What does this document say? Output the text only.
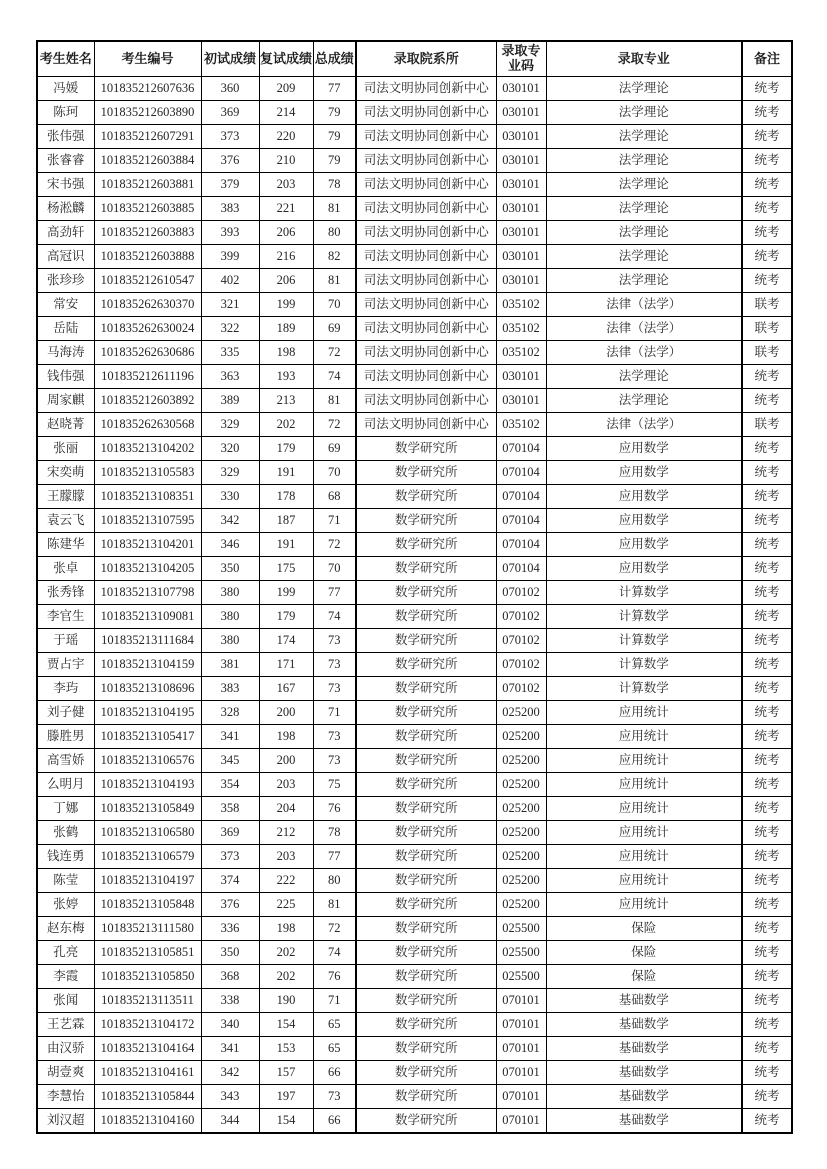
考生姓名	考生编号	初试成绩	复试成绩	总成绩	录取院系所	录取专业码	录取专业	备注
冯媛	101835212607636	360	209	77	司法文明协同创新中心	030101	法学理论	统考
陈珂	101835212603890	369	214	79	司法文明协同创新中心	030101	法学理论	统考
张伟强	101835212607291	373	220	79	司法文明协同创新中心	030101	法学理论	统考
张睿睿	101835212603884	376	210	79	司法文明协同创新中心	030101	法学理论	统考
宋书强	101835212603881	379	203	78	司法文明协同创新中心	030101	法学理论	统考
杨淞麟	101835212603885	383	221	81	司法文明协同创新中心	030101	法学理论	统考
高劲轩	101835212603883	393	206	80	司法文明协同创新中心	030101	法学理论	统考
高冠识	101835212603888	399	216	82	司法文明协同创新中心	030101	法学理论	统考
张珍珍	101835212610547	402	206	81	司法文明协同创新中心	030101	法学理论	统考
常安	101835262630370	321	199	70	司法文明协同创新中心	035102	法律（法学）	联考
岳陆	101835262630024	322	189	69	司法文明协同创新中心	035102	法律（法学）	联考
马海涛	101835262630686	335	198	72	司法文明协同创新中心	035102	法律（法学）	联考
钱伟强	101835212611196	363	193	74	司法文明协同创新中心	030101	法学理论	统考
周家麒	101835212603892	389	213	81	司法文明协同创新中心	030101	法学理论	统考
赵晓菁	101835262630568	329	202	72	司法文明协同创新中心	035102	法律（法学）	联考
张丽	101835213104202	320	179	69	数学研究所	070104	应用数学	统考
宋奕萌	101835213105583	329	191	70	数学研究所	070104	应用数学	统考
王朦朦	101835213108351	330	178	68	数学研究所	070104	应用数学	统考
袁云飞	101835213107595	342	187	71	数学研究所	070104	应用数学	统考
陈建华	101835213104201	346	191	72	数学研究所	070104	应用数学	统考
张卓	101835213104205	350	175	70	数学研究所	070104	应用数学	统考
张秀锋	101835213107798	380	199	77	数学研究所	070102	计算数学	统考
李官生	101835213109081	380	179	74	数学研究所	070102	计算数学	统考
于瑶	101835213111684	380	174	73	数学研究所	070102	计算数学	统考
贾占宇	101835213104159	381	171	73	数学研究所	070102	计算数学	统考
李玙	101835213108696	383	167	73	数学研究所	070102	计算数学	统考
刘子健	101835213104195	328	200	71	数学研究所	025200	应用统计	统考
滕胜男	101835213105417	341	198	73	数学研究所	025200	应用统计	统考
高雪娇	101835213106576	345	200	73	数学研究所	025200	应用统计	统考
么明月	101835213104193	354	203	75	数学研究所	025200	应用统计	统考
丁娜	101835213105849	358	204	76	数学研究所	025200	应用统计	统考
张鹤	101835213106580	369	212	78	数学研究所	025200	应用统计	统考
钱连勇	101835213106579	373	203	77	数学研究所	025200	应用统计	统考
陈莹	101835213104197	374	222	80	数学研究所	025200	应用统计	统考
张婷	101835213105848	376	225	81	数学研究所	025200	应用统计	统考
赵东梅	101835213111580	336	198	72	数学研究所	025500	保险	统考
孔亮	101835213105851	350	202	74	数学研究所	025500	保险	统考
李霞	101835213105850	368	202	76	数学研究所	025500	保险	统考
张闻	101835213113511	338	190	71	数学研究所	070101	基础数学	统考
王艺霖	101835213104172	340	154	65	数学研究所	070101	基础数学	统考
由汉骄	101835213104164	341	153	65	数学研究所	070101	基础数学	统考
胡壹爽	101835213104161	342	157	66	数学研究所	070101	基础数学	统考
李慧怡	101835213105844	343	197	73	数学研究所	070101	基础数学	统考
刘汉超	101835213104160	344	154	66	数学研究所	070101	基础数学	统考
